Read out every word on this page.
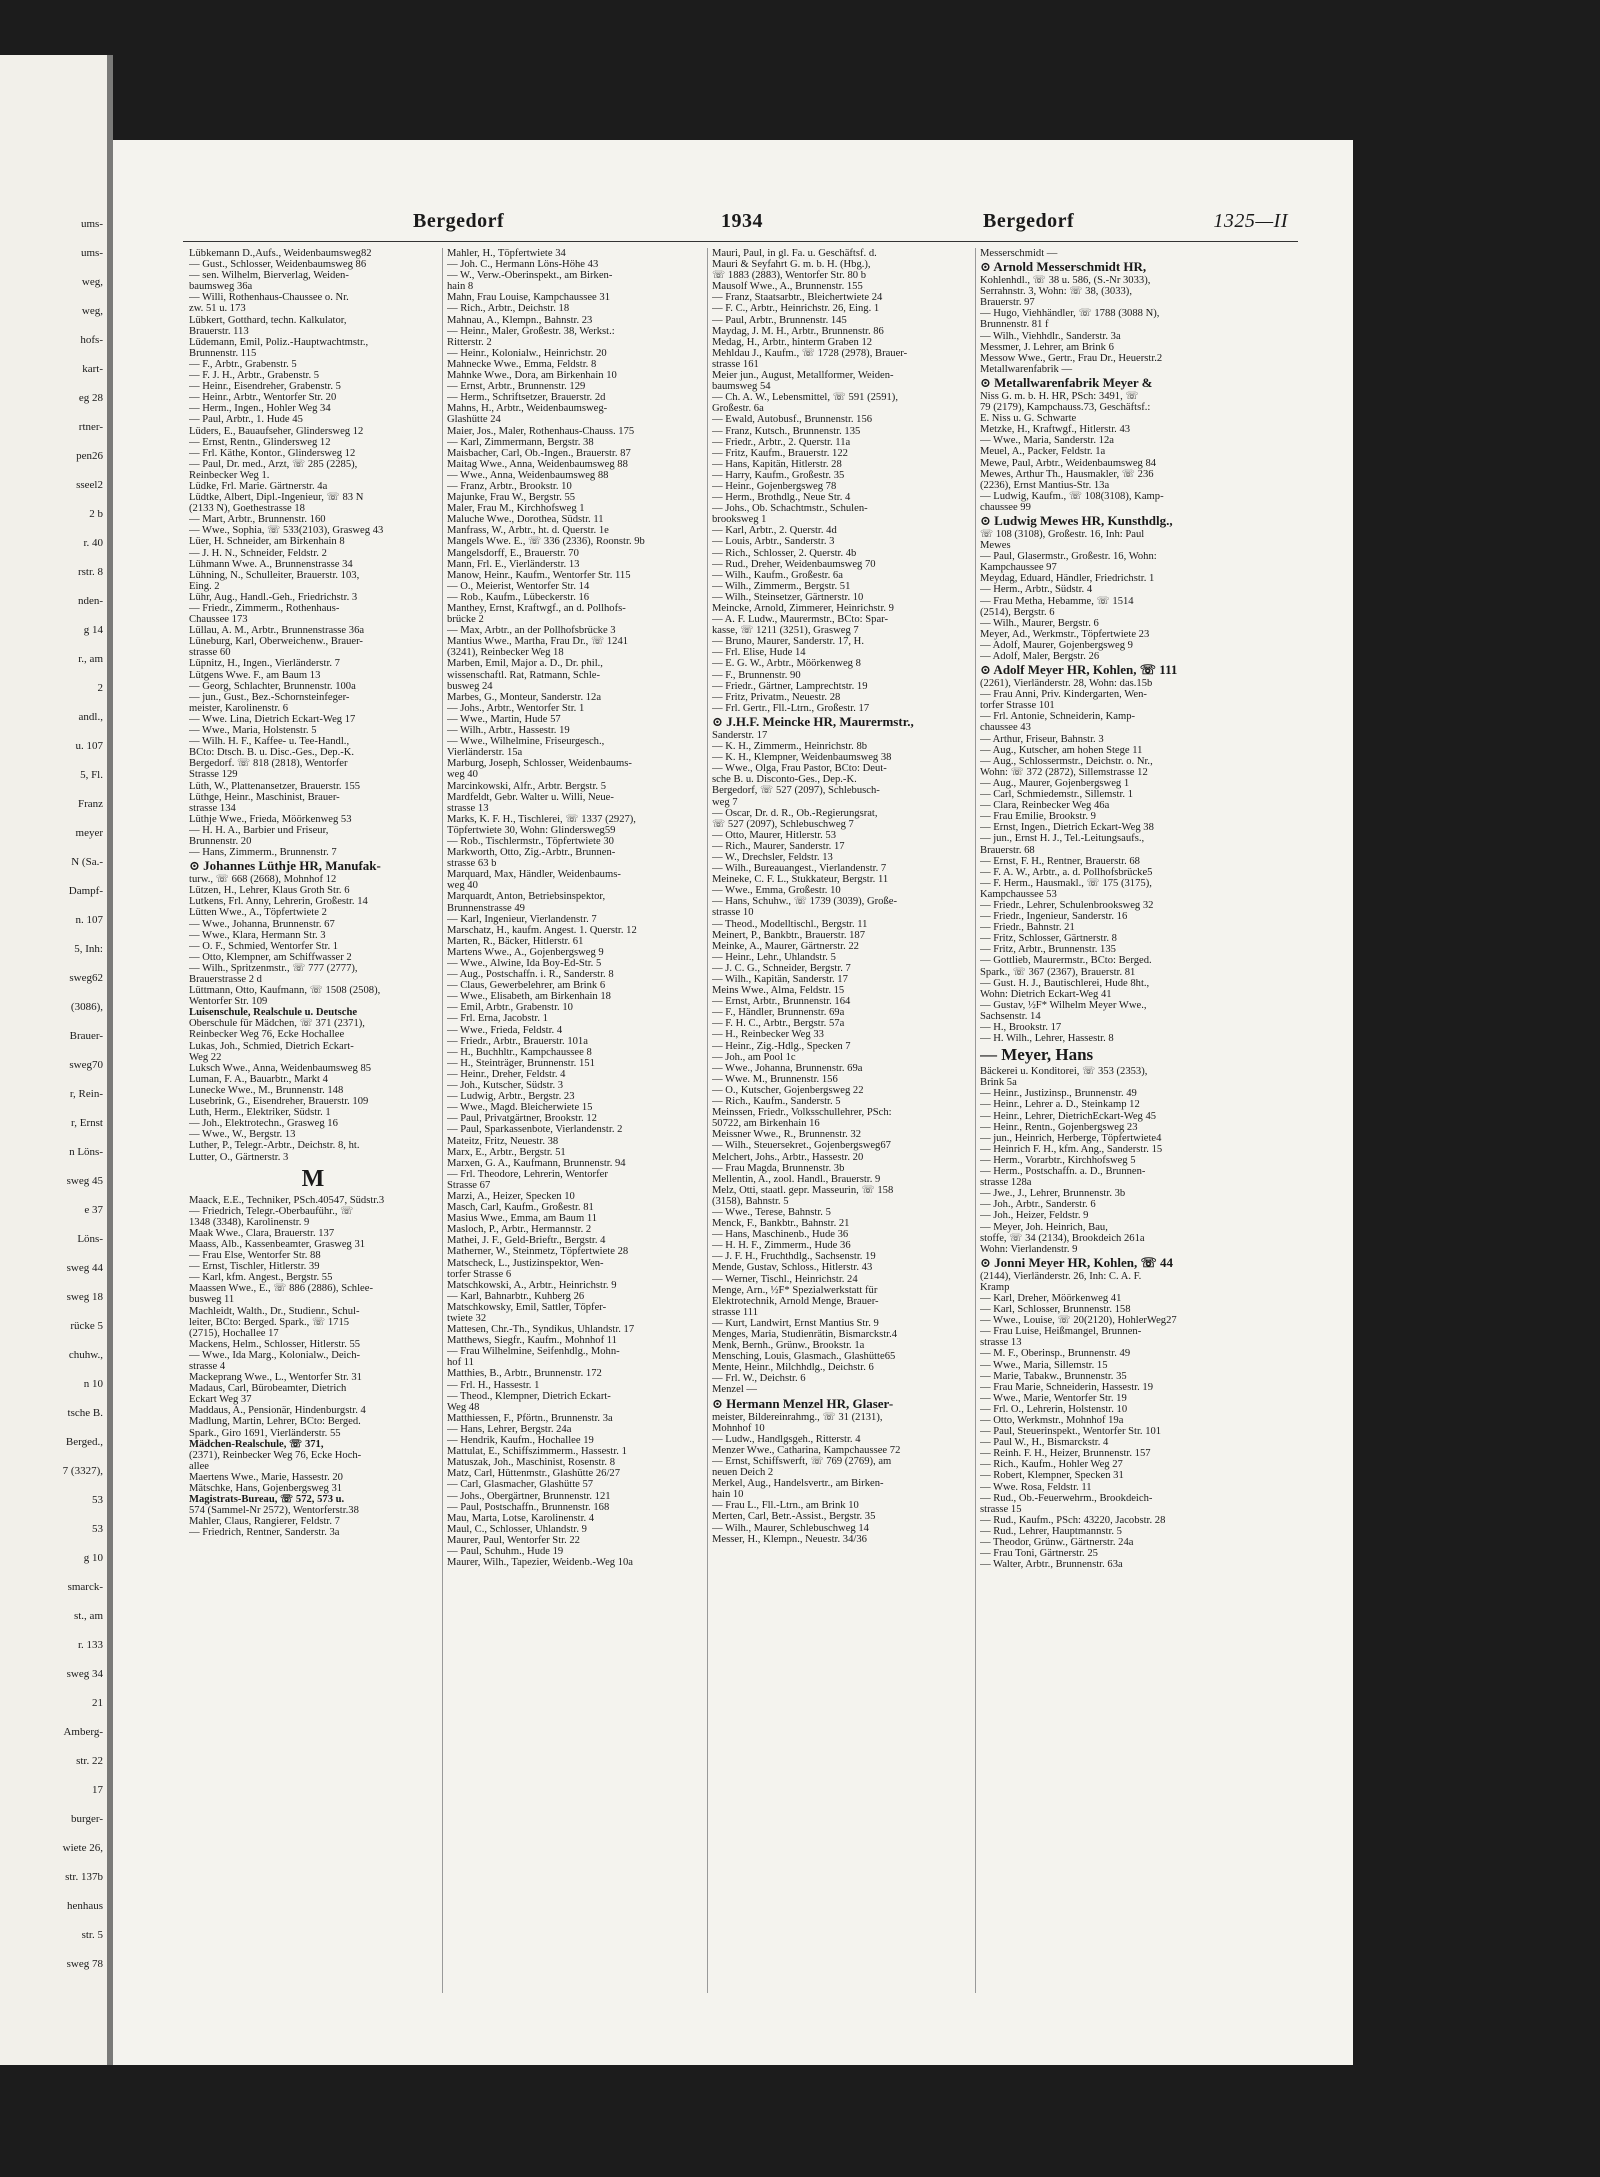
ums-
ums-
weg,
weg,
hofs-
kart-
eg 28
rtner-
pen26
sseel2
2 b
r. 40
rstr. 8
nden-
g 14
r., am
2
andl.,
u. 107
5, Fl.
Franz
meyer
N (Sa.-
Dampf-
n. 107
5, Inh:
sweg62
(3086),
Brauer-
sweg70
r, Rein-
r, Ernst
n Löns-
sweg 45
e 37
Löns-
sweg 44
sweg 18
rücke 5
chuhw.,
n 10
tsche B.
Berged.,
7 (3327),
53
53
g 10
smarck-
st., am
r. 133
sweg 34
21
Amberg-
str. 22
17
burger-
wiete 26,
str. 137b
henhaus
str. 5
sweg 78
Bergedorf	1934	Bergedorf	1325—II
Lübkemann D.,Aufs., Weidenbaumsweg82
— Gust., Schlosser, Weidenbaumsweg 86
— sen. Wilhelm, Bierverlag, Weiden-
baumsweg 36a
— Willi, Rothenhaus-Chaussee o. Nr.
zw. 51 u. 173
Lübkert, Gotthard, techn. Kalkulator,
Brauerstr. 113
Lüdemann, Emil, Poliz.-Hauptwachtmstr.,
Brunnenstr. 115
— F., Arbtr., Grabenstr. 5
— F. J. H., Arbtr., Grabenstr. 5
— Heinr., Eisendreher, Grabenstr. 5
— Heinr., Arbtr., Wentorfer Str. 20
— Herm., Ingen., Hohler Weg 34
— Paul, Arbtr., 1. Hude 45
Lüders, E., Bauaufseher, Glindersweg 12
— Ernst, Rentn., Glindersweg 12
— Frl. Käthe, Kontor., Glindersweg 12
— Paul, Dr. med., Arzt, ☏ 285 (2285),
Reinbecker Weg 1.
Lüdke, Frl. Marie. Gärtnerstr. 4a
Lüdtke, Albert, Dipl.-Ingenieur, ☏ 83 N
(2133 N), Goethestrasse 18
— Mart, Arbtr., Brunnenstr. 160
— Wwe., Sophia, ☏ 533(2103), Grasweg 43
Lüer, H. Schneider, am Birkenhain 8
— J. H. N., Schneider, Feldstr. 2
Lühmann Wwe. A., Brunnenstrasse 34
Lühning, N., Schulleiter, Brauerstr. 103,
Eing. 2
Lühr, Aug., Handl.-Geh., Friedrichstr. 3
— Friedr., Zimmerm., Rothenhaus-
Chaussee 173
Lüllau, A. M., Arbtr., Brunnenstrasse 36a
Lüneburg, Karl, Oberweichenw., Brauer-
strasse 60
Lüpnitz, H., Ingen., Vierländerstr. 7
Lütgens Wwe. F., am Baum 13
— Georg, Schlachter, Brunnenstr. 100a
— jun., Gust., Bez.-Schornsteinfeger-
meister, Karolinenstr. 6
— Wwe. Lina, Dietrich Eckart-Weg 17
— Wwe., Maria, Holstenstr. 5
— Wilh. H. F., Kaffee- u. Tee-Handl.,
BCto: Dtsch. B. u. Disc.-Ges., Dep.-K.
Bergedorf. ☏ 818 (2818), Wentorfer
Strasse 129
Lüth, W., Plattenansetzer, Brauerstr. 155
Lüthge, Heinr., Maschinist, Brauer-
strasse 134
Lüthje Wwe., Frieda, Möörkenweg 53
— H. H. A., Barbier und Friseur,
Brunnenstr. 20
— Hans, Zimmerm., Brunnenstr. 7
⊙ Johannes Lüthje HR, Manufak-
turw., ☏ 668 (2668), Mohnhof 12
Lützen, H., Lehrer, Klaus Groth Str. 6
Lutkens, Frl. Anny, Lehrerin, Großestr. 14
Lütten Wwe., A., Töpfertwiete 2
— Wwe., Johanna, Brunnenstr. 67
— Wwe., Klara, Hermann Str. 3
— O. F., Schmied, Wentorfer Str. 1
— Otto, Klempner, am Schiffwasser 2
— Wilh., Spritzenmstr., ☏ 777 (2777),
Brauerstrasse 2 d
Lüttmann, Otto, Kaufmann, ☏ 1508 (2508),
Wentorfer Str. 109
Luisenschule, Realschule u. Deutsche
Oberschule für Mädchen, ☏ 371 (2371),
Reinbecker Weg 76, Ecke Hochallee
Lukas, Joh., Schmied, Dietrich Eckart-
Weg 22
Luksch Wwe., Anna, Weidenbaumsweg 85
Luman, F. A., Bauarbtr., Markt 4
Lunecke Wwe., M., Brunnenstr. 148
Lusebrink, G., Eisendreher, Brauerstr. 109
Luth, Herm., Elektriker, Südstr. 1
— Joh., Elektrotechn., Grasweg 16
— Wwe., W., Bergstr. 13
Luther, P., Telegr.-Arbtr., Deichstr. 8, ht.
Lutter, O., Gärtnerstr. 3
M
Maack, E.E., Techniker, PSch.40547, Südstr.3
— Friedrich, Telegr.-Oberbauführ., ☏
1348 (3348), Karolinenstr. 9
Maak Wwe., Clara, Brauerstr. 137
Maass, Alb., Kassenbeamter, Grasweg 31
— Frau Else, Wentorfer Str. 88
— Ernst, Tischler, Hitlerstr. 39
— Karl, kfm. Angest., Bergstr. 55
Maassen Wwe., E., ☏ 886 (2886), Schlee-
busweg 11
Machleidt, Walth., Dr., Studienr., Schul-
leiter, BCto: Berged. Spark., ☏ 1715
(2715), Hochallee 17
Mackens, Helm., Schlosser, Hitlerstr. 55
— Wwe., Ida Marg., Kolonialw., Deich-
strasse 4
Mackeprang Wwe., L., Wentorfer Str. 31
Madaus, Carl, Bürobeamter, Dietrich
Eckart Weg 37
Maddaus, A., Pensionär, Hindenburgstr. 4
Madlung, Martin, Lehrer, BCto: Berged.
Spark., Giro 1691, Vierländerstr. 55
Mädchen-Realschule, ☏ 371,
(2371), Reinbecker Weg 76, Ecke Hoch-
allee
Maertens Wwe., Marie, Hassestr. 20
Mätschke, Hans, Gojenbergsweg 31
Magistrats-Bureau, ☏ 572, 573 u.
574 (Sammel-Nr 2572), Wentorferstr.38
Mahler, Claus, Rangierer, Feldstr. 7
— Friedrich, Rentner, Sanderstr. 3a
Mahler, H., Töpfertwiete 34
— Joh. C., Hermann Löns-Höhe 43
— W., Verw.-Oberinspekt., am Birken-
hain 8
Mahn, Frau Louise, Kampchaussee 31
— Rich., Arbtr., Deichstr. 18
Mahnau, A., Klempn., Bahnstr. 23
— Heinr., Maler, Großestr. 38, Werkst.:
Ritterstr. 2
— Heinr., Kolonialw., Heinrichstr. 20
Mahnecke Wwe., Emma, Feldstr. 8
Mahnke Wwe., Dora, am Birkenhain 10
— Ernst, Arbtr., Brunnenstr. 129
— Herm., Schriftsetzer, Brauerstr. 2d
Mahns, H., Arbtr., Weidenbaumsweg-
Glashütte 24
Maier, Jos., Maler, Rothenhaus-Chauss. 175
— Karl, Zimmermann, Bergstr. 38
Maisbacher, Carl, Ob.-Ingen., Brauerstr. 87
Maitag Wwe., Anna, Weidenbaumsweg 88
— Wwe., Anna, Weidenbaumsweg 88
— Franz, Arbtr., Brookstr. 10
Majunke, Frau W., Bergstr. 55
Maler, Frau M., Kirchhofsweg 1
Maluche Wwe., Dorothea, Südstr. 11
Manfrass, W., Arbtr., ht. d. Querstr. 1e
Mangels Wwe. E., ☏ 336 (2336), Roonstr. 9b
Mangelsdorff, E., Brauerstr. 70
Mann, Frl. E., Vierländerstr. 13
Manow, Heinr., Kaufm., Wentorfer Str. 115
— O., Meierist, Wentorfer Str. 14
— Rob., Kaufm., Lübeckerstr. 16
Manthey, Ernst, Kraftwgf., an d. Pollhofs-
brücke 2
— Max, Arbtr., an der Pollhofsbrücke 3
Mantius Wwe., Martha, Frau Dr., ☏ 1241
(3241), Reinbecker Weg 18
Marben, Emil, Major a. D., Dr. phil.,
wissenschaftl. Rat, Ratmann, Schle-
busweg 24
Marbes, G., Monteur, Sanderstr. 12a
— Johs., Arbtr., Wentorfer Str. 1
— Wwe., Martin, Hude 57
— Wilh., Arbtr., Hassestr. 19
— Wwe., Wilhelmine, Friseurgesch.,
Vierländerstr. 15a
Marburg, Joseph, Schlosser, Weidenbaums-
weg 40
Marcinkowski, Alfr., Arbtr. Bergstr. 5
Mardfeldt, Gebr. Walter u. Willi, Neue-
strasse 13
Marks, K. F. H., Tischlerei, ☏ 1337 (2927),
Töpfertwiete 30, Wohn: Glindersweg59
— Rob., Tischlermstr., Töpfertwiete 30
Markworth, Otto, Zig.-Arbtr., Brunnen-
strasse 63 b
Marquard, Max, Händler, Weidenbaums-
weg 40
Marquardt, Anton, Betriebsinspektor,
Brunnenstrasse 49
— Karl, Ingenieur, Vierlandenstr. 7
Marschatz, H., kaufm. Angest. 1. Querstr. 12
Marten, R., Bäcker, Hitlerstr. 61
Martens Wwe., A., Gojenbergsweg 9
— Wwe., Alwine, Ida Boy-Ed-Str. 5
— Aug., Postschaffn. i. R., Sanderstr. 8
— Claus, Gewerbelehrer, am Brink 6
— Wwe., Elisabeth, am Birkenhain 18
— Emil, Arbtr., Grabenstr. 10
— Frl. Erna, Jacobstr. 1
— Wwe., Frieda, Feldstr. 4
— Friedr., Arbtr., Brauerstr. 101a
— H., Buchhltr., Kampchaussee 8
— H., Steinträger, Brunnenstr. 151
— Heinr., Dreher, Feldstr. 4
— Joh., Kutscher, Südstr. 3
— Ludwig, Arbtr., Bergstr. 23
— Wwe., Magd. Bleicherwiete 15
— Paul, Privatgärtner, Brookstr. 12
— Paul, Sparkassenbote, Vierlandenstr. 2
Mateitz, Fritz, Neuestr. 38
Marx, E., Arbtr., Bergstr. 51
Marxen, G. A., Kaufmann, Brunnenstr. 94
— Frl. Theodore, Lehrerin, Wentorfer
Strasse 67
Marzi, A., Heizer, Specken 10
Masch, Carl, Kaufm., Großestr. 81
Masius Wwe., Emma, am Baum 11
Masloch, P., Arbtr., Hermannstr. 2
Mathei, J. F., Geld-Brieftr., Bergstr. 4
Matherner, W., Steinmetz, Töpfertwiete 28
Matscheck, L., Justizinspektor, Wen-
torfer Strasse 6
Matschkowski, A., Arbtr., Heinrichstr. 9
— Karl, Bahnarbtr., Kuhberg 26
Matschkowsky, Emil, Sattler, Töpfer-
twiete 32
Mattesen, Chr.-Th., Syndikus, Uhlandstr. 17
Matthews, Siegfr., Kaufm., Mohnhof 11
— Frau Wilhelmine, Seifenhdlg., Mohn-
hof 11
Matthies, B., Arbtr., Brunnenstr. 172
— Frl. H., Hassestr. 1
— Theod., Klempner, Dietrich Eckart-
Weg 48
Matthiessen, F., Pförtn., Brunnenstr. 3a
— Hans, Lehrer, Bergstr. 24a
— Hendrik, Kaufm., Hochallee 19
Mattulat, E., Schiffszimmerm., Hassestr. 1
Matuszak, Joh., Maschinist, Rosenstr. 8
Matz, Carl, Hüttenmstr., Glashütte 26/27
— Carl, Glasmacher, Glashütte 57
— Johs., Obergärtner, Brunnenstr. 121
— Paul, Postschaffn., Brunnenstr. 168
Mau, Marta, Lotse, Karolinenstr. 4
Maul, C., Schlosser, Uhlandstr. 9
Maurer, Paul, Wentorfer Str. 22
— Paul, Schuhm., Hude 19
Maurer, Wilh., Tapezier, Weidenb.-Weg 10a
Mauri, Paul, in gl. Fa. u. Geschäftsf. d.
Mauri & Seyfahrt G. m. b. H. (Hbg.),
☏ 1883 (2883), Wentorfer Str. 80 b
Mausolf Wwe., A., Brunnenstr. 155
— Franz, Staatsarbtr., Bleichertwiete 24
— F. C., Arbtr., Heinrichstr. 26, Eing. 1
— Paul, Arbtr., Brunnenstr. 145
Maydag, J. M. H., Arbtr., Brunnenstr. 86
Medag, H., Arbtr., hinterm Graben 12
Mehldau J., Kaufm., ☏ 1728 (2978), Brauer-
strasse 161
Meier jun., August, Metallformer, Weiden-
baumsweg 54
— Ch. A. W., Lebensmittel, ☏ 591 (2591),
Großestr. 6a
— Ewald, Autobusf., Brunnenstr. 156
— Franz, Kutsch., Brunnenstr. 135
— Friedr., Arbtr., 2. Querstr. 11a
— Fritz, Kaufm., Brauerstr. 122
— Hans, Kapitän, Hitlerstr. 28
— Harry, Kaufm., Großestr. 35
— Heinr., Gojenbergsweg 78
— Herm., Brothdlg., Neue Str. 4
— Johs., Ob. Schachtmstr., Schulen-
brooksweg 1
— Karl, Arbtr., 2. Querstr. 4d
— Louis, Arbtr., Sanderstr. 3
— Rich., Schlosser, 2. Querstr. 4b
— Rud., Dreher, Weidenbaumsweg 70
— Wilh., Kaufm., Großestr. 6a
— Wilh., Zimmerm., Bergstr. 51
— Wilh., Steinsetzer, Gärtnerstr. 10
Meincke, Arnold, Zimmerer, Heinrichstr. 9
— A. F. Ludw., Maurermstr., BCto: Spar-
kasse, ☏ 1211 (3251), Grasweg 7
— Bruno, Maurer, Sanderstr. 17, H.
— Frl. Elise, Hude 14
— E. G. W., Arbtr., Möörkenweg 8
— F., Brunnenstr. 90
— Friedr., Gärtner, Lamprechtstr. 19
— Fritz, Privatm., Neuestr. 28
— Frl. Gertr., Fll.-Ltrn., Großestr. 17
⊙ J.H.F. Meincke HR, Maurermstr.,
Sanderstr. 17
— K. H., Zimmerm., Heinrichstr. 8b
— K. H., Klempner, Weidenbaumsweg 38
— Wwe., Olga, Frau Pastor, BCto: Deut-
sche B. u. Disconto-Ges., Dep.-K.
Bergedorf, ☏ 527 (2097), Schlebusch-
weg 7
— Oscar, Dr. d. R., Ob.-Regierungsrat,
☏ 527 (2097), Schlebuschweg 7
— Otto, Maurer, Hitlerstr. 53
— Rich., Maurer, Sanderstr. 17
— W., Drechsler, Feldstr. 13
— Wilh., Bureauangest., Vierlandenstr. 7
Meineke, C. F. L., Stukkateur, Bergstr. 11
— Wwe., Emma, Großestr. 10
— Hans, Schuhw., ☏ 1739 (3039), Große-
strasse 10
— Theod., Modelltischl., Bergstr. 11
Meinert, P., Bankbtr., Brauerstr. 187
Meinke, A., Maurer, Gärtnerstr. 22
— Heinr., Lehr., Uhlandstr. 5
— J. C. G., Schneider, Bergstr. 7
— Wilh., Kapitän, Sanderstr. 17
Meins Wwe., Alma, Feldstr. 15
— Ernst, Arbtr., Brunnenstr. 164
— F., Händler, Brunnenstr. 69a
— F. H. C., Arbtr., Bergstr. 57a
— H., Reinbecker Weg 33
— Heinr., Zig.-Hdlg., Specken 7
— Joh., am Pool 1c
— Wwe., Johanna, Brunnenstr. 69a
— Wwe. M., Brunnenstr. 156
— O., Kutscher, Gojenbergsweg 22
— Rich., Kaufm., Sanderstr. 5
Meinssen, Friedr., Volksschullehrer, PSch:
50722, am Birkenhain 16
Meissner Wwe., R., Brunnenstr. 32
— Wilh., Steuersekret., Gojenbergsweg67
Melchert, Johs., Arbtr., Hassestr. 20
— Frau Magda, Brunnenstr. 3b
Mellentin, A., zool. Handl., Brauerstr. 9
Melz, Otti, staatl. gepr. Masseurin, ☏ 158
(3158), Bahnstr. 5
— Wwe., Terese, Bahnstr. 5
Menck, F., Bankbtr., Bahnstr. 21
— Hans, Maschinenb., Hude 36
— H. H. F., Zimmerm., Hude 36
— J. F. H., Fruchthdlg., Sachsenstr. 19
Mende, Gustav, Schloss., Hitlerstr. 43
— Werner, Tischl., Heinrichstr. 24
Menge, Arn., ½F* Spezialwerkstatt für
Elektrotechnik, Arnold Menge, Brauer-
strasse 111
— Kurt, Landwirt, Ernst Mantius Str. 9
Menges, Maria, Studienrätin, Bismarckstr.4
Menk, Bernh., Grünw., Brookstr. 1a
Mensching, Louis, Glasmach., Glashütte65
Mente, Heinr., Milchhdlg., Deichstr. 6
— Frl. W., Deichstr. 6
Menzel —
⊙ Hermann Menzel HR, Glaser-
meister, Bildereinrahmg., ☏ 31 (2131),
Mohnhof 10
— Ludw., Handlgsgeh., Ritterstr. 4
Menzer Wwe., Catharina, Kampchaussee 72
— Ernst, Schiffswerft, ☏ 769 (2769), am
neuen Deich 2
Merkel, Aug., Handelsvertr., am Birken-
hain 10
— Frau L., Fll.-Ltrn., am Brink 10
Merten, Carl, Betr.-Assist., Bergstr. 35
— Wilh., Maurer, Schlebuschweg 14
Messer, H., Klempn., Neuestr. 34/36
Messerschmidt —
⊙ Arnold Messerschmidt HR,
Kohlenhdl., ☏ 38 u. 586, (S.-Nr 3033),
Serrahnstr. 3, Wohn: ☏ 38, (3033),
Brauerstr. 97
— Hugo, Viehhändler, ☏ 1788 (3088 N),
Brunnenstr. 81 f
— Wilh., Viehhdlr., Sanderstr. 3a
Messmer, J. Lehrer, am Brink 6
Messow Wwe., Gertr., Frau Dr., Heuerstr.2
Metallwarenfabrik —
⊙ Metallwarenfabrik Meyer &
Niss G. m. b. H. HR, PSch: 3491, ☏
79 (2179), Kampchauss.73, Geschäftsf.:
E. Niss u. G. Schwarte
Metzke, H., Kraftwgf., Hitlerstr. 43
— Wwe., Maria, Sanderstr. 12a
Meuel, A., Packer, Feldstr. 1a
Mewe, Paul, Arbtr., Weidenbaumsweg 84
Mewes, Arthur Th., Hausmakler, ☏ 236
(2236), Ernst Mantius-Str. 13a
— Ludwig, Kaufm., ☏ 108(3108), Kamp-
chaussee 99
⊙ Ludwig Mewes HR, Kunsthdlg.,
☏ 108 (3108), Großestr. 16, Inh: Paul
Mewes
— Paul, Glasermstr., Großestr. 16, Wohn:
Kampchaussee 97
Meydag, Eduard, Händler, Friedrichstr. 1
— Herm., Arbtr., Südstr. 4
— Frau Metha, Hebamme, ☏ 1514
(2514), Bergstr. 6
— Wilh., Maurer, Bergstr. 6
Meyer, Ad., Werkmstr., Töpfertwiete 23
— Adolf, Maurer, Gojenbergsweg 9
— Adolf, Maler, Bergstr. 26
⊙ Adolf Meyer HR, Kohlen, ☏ 111
(2261), Vierländerstr. 28, Wohn: das.15b
— Frau Anni, Priv. Kindergarten, Wen-
torfer Strasse 101
— Frl. Antonie, Schneiderin, Kamp-
chaussee 43
— Arthur, Friseur, Bahnstr. 3
— Aug., Kutscher, am hohen Stege 11
— Aug., Schlossermstr., Deichstr. o. Nr.,
Wohn: ☏ 372 (2872), Sillemstrasse 12
— Aug., Maurer, Gojenbergsweg 1
— Carl, Schmiedemstr., Sillemstr. 1
— Clara, Reinbecker Weg 46a
— Frau Emilie, Brookstr. 9
— Ernst, Ingen., Dietrich Eckart-Weg 38
— jun., Ernst H. J., Tel.-Leitungsaufs.,
Brauerstr. 68
— Ernst, F. H., Rentner, Brauerstr. 68
— F. A. W., Arbtr., a. d. Pollhofsbrücke5
— F. Herm., Hausmakl., ☏ 175 (3175),
Kampchaussee 53
— Friedr., Lehrer, Schulenbrooksweg 32
— Friedr., Ingenieur, Sanderstr. 16
— Friedr., Bahnstr. 21
— Fritz, Schlosser, Gärtnerstr. 8
— Fritz, Arbtr., Brunnenstr. 135
— Gottlieb, Maurermstr., BCto: Berged.
Spark., ☏ 367 (2367), Brauerstr. 81
— Gust. H. J., Bautischlerei, Hude 8ht.,
Wohn: Dietrich Eckart-Weg 41
— Gustav, ½F* Wilhelm Meyer Wwe.,
Sachsenstr. 14
— H., Brookstr. 17
— H. Wilh., Lehrer, Hassestr. 8
— Meyer, Hans
Bäckerei u. Konditorei, ☏ 353 (2353),
Brink 5a
— Heinr., Justizinsp., Brunnenstr. 49
— Heinr., Lehrer a. D., Steinkamp 12
— Heinr., Lehrer, DietrichEckart-Weg 45
— Heinr., Rentn., Gojenbergsweg 23
— jun., Heinrich, Herberge, Töpfertwiete4
— Heinrich F. H., kfm. Ang., Sanderstr. 15
— Herm., Vorarbtr., Kirchhofsweg 5
— Herm., Postschaffn. a. D., Brunnen-
strasse 128a
— Jwe., J., Lehrer, Brunnenstr. 3b
— Joh., Arbtr., Sanderstr. 6
— Joh., Heizer, Feldstr. 9
— Meyer, Joh. Heinrich, Bau,
stoffe, ☏ 34 (2134), Brookdeich 261a
Wohn: Vierlandenstr. 9
⊙ Jonni Meyer HR, Kohlen, ☏ 44
(2144), Vierländerstr. 26, Inh: C. A. F.
Kramp
— Karl, Dreher, Möörkenweg 41
— Karl, Schlosser, Brunnenstr. 158
— Wwe., Louise, ☏ 20(2120), HohlerWeg27
— Frau Luise, Heißmangel, Brunnen-
strasse 13
— M. F., Oberinsp., Brunnenstr. 49
— Wwe., Maria, Sillemstr. 15
— Marie, Tabakw., Brunnenstr. 35
— Frau Marie, Schneiderin, Hassestr. 19
— Wwe., Marie, Wentorfer Str. 19
— Frl. O., Lehrerin, Holstenstr. 10
— Otto, Werkmstr., Mohnhof 19a
— Paul, Steuerinspekt., Wentorfer Str. 101
— Paul W., H., Bismarckstr. 4
— Reinh. F. H., Heizer, Brunnenstr. 157
— Rich., Kaufm., Hohler Weg 27
— Robert, Klempner, Specken 31
— Wwe. Rosa, Feldstr. 11
— Rud., Ob.-Feuerwehrm., Brookdeich-
strasse 15
— Rud., Kaufm., PSch: 43220, Jacobstr. 28
— Rud., Lehrer, Hauptmannstr. 5
— Theodor, Grünw., Gärtnerstr. 24a
— Frau Toni, Gärtnerstr. 25
— Walter, Arbtr., Brunnenstr. 63a
